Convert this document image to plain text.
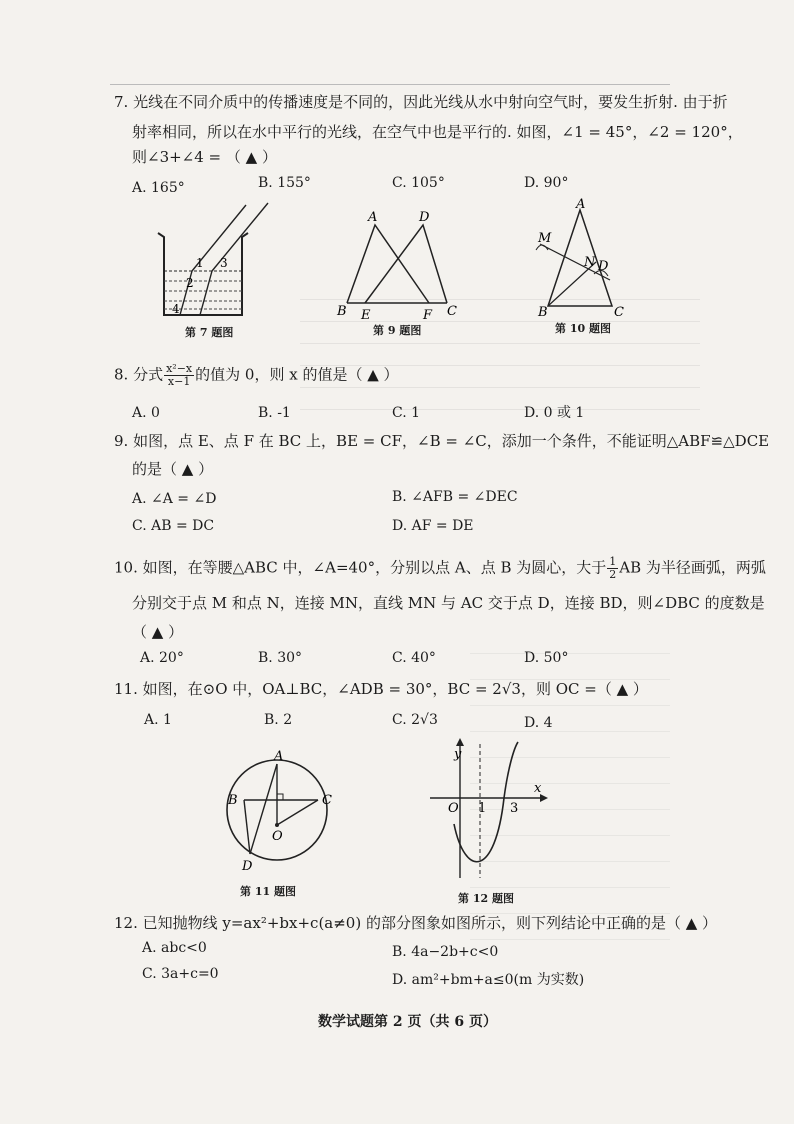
7. 光线在不同介质中的传播速度是不同的，因此光线从水中射向空气时，要发生折射. 由于折
射率相同，所以在水中平行的光线，在空气中也是平行的. 如图，∠1 = 45°，∠2 = 120°，
则∠3+∠4 = （ ▲ ）
A. 165°	B. 155°	C. 105°	D. 90°
1
2
3
4
第 7 题图
A	D
B E	F C
第 9 题图
A
M
N D
B	C
第 10 题图
8. 分式 $\frac{\text{x²−x}}{x-1}$ 的值为 0，则 x 的值是（ ▲ ）
A. 0	B. -1	C. 1	D. 0 或 1
9. 如图，点 E、点 F 在 BC 上，BE = CF，∠B = ∠C，添加一个条件，不能证明△ABF≌△DCE
的是（ ▲ ）
A. ∠A = ∠D	B. ∠AFB = ∠DEC
C. AB = DC	D. AF = DE
10. 如图，在等腰△ABC 中，∠A=40°，分别以点 A、点 B 为圆心，大于 $\frac{1}{2}$ AB 为半径画弧，两弧
分别交于点 M 和点 N，连接 MN，直线 MN 与 AC 交于点 D，连接 BD，则∠DBC 的度数是
（ ▲ ）
A. 20°	B. 30°	C. 40°	D. 50°
11. 如图，在⊙O 中，OA⊥BC，∠ADB = 30°，BC = 2√3，则 OC =（ ▲ ）
A. 1	B. 2	C. 2√3	D. 4
A
B	C
O
D
第 11 题图
y
O 1 3
x
第 12 题图
12. 已知抛物线 y=ax²+bx+c(a≠0) 的部分图象如图所示，则下列结论中正确的是（ ▲ ）
A. abc<0	B. 4a−2b+c<0
C. 3a+c=0	D. am²+bm+a≤0(m 为实数)
数学试题第 2 页（共 6 页）
